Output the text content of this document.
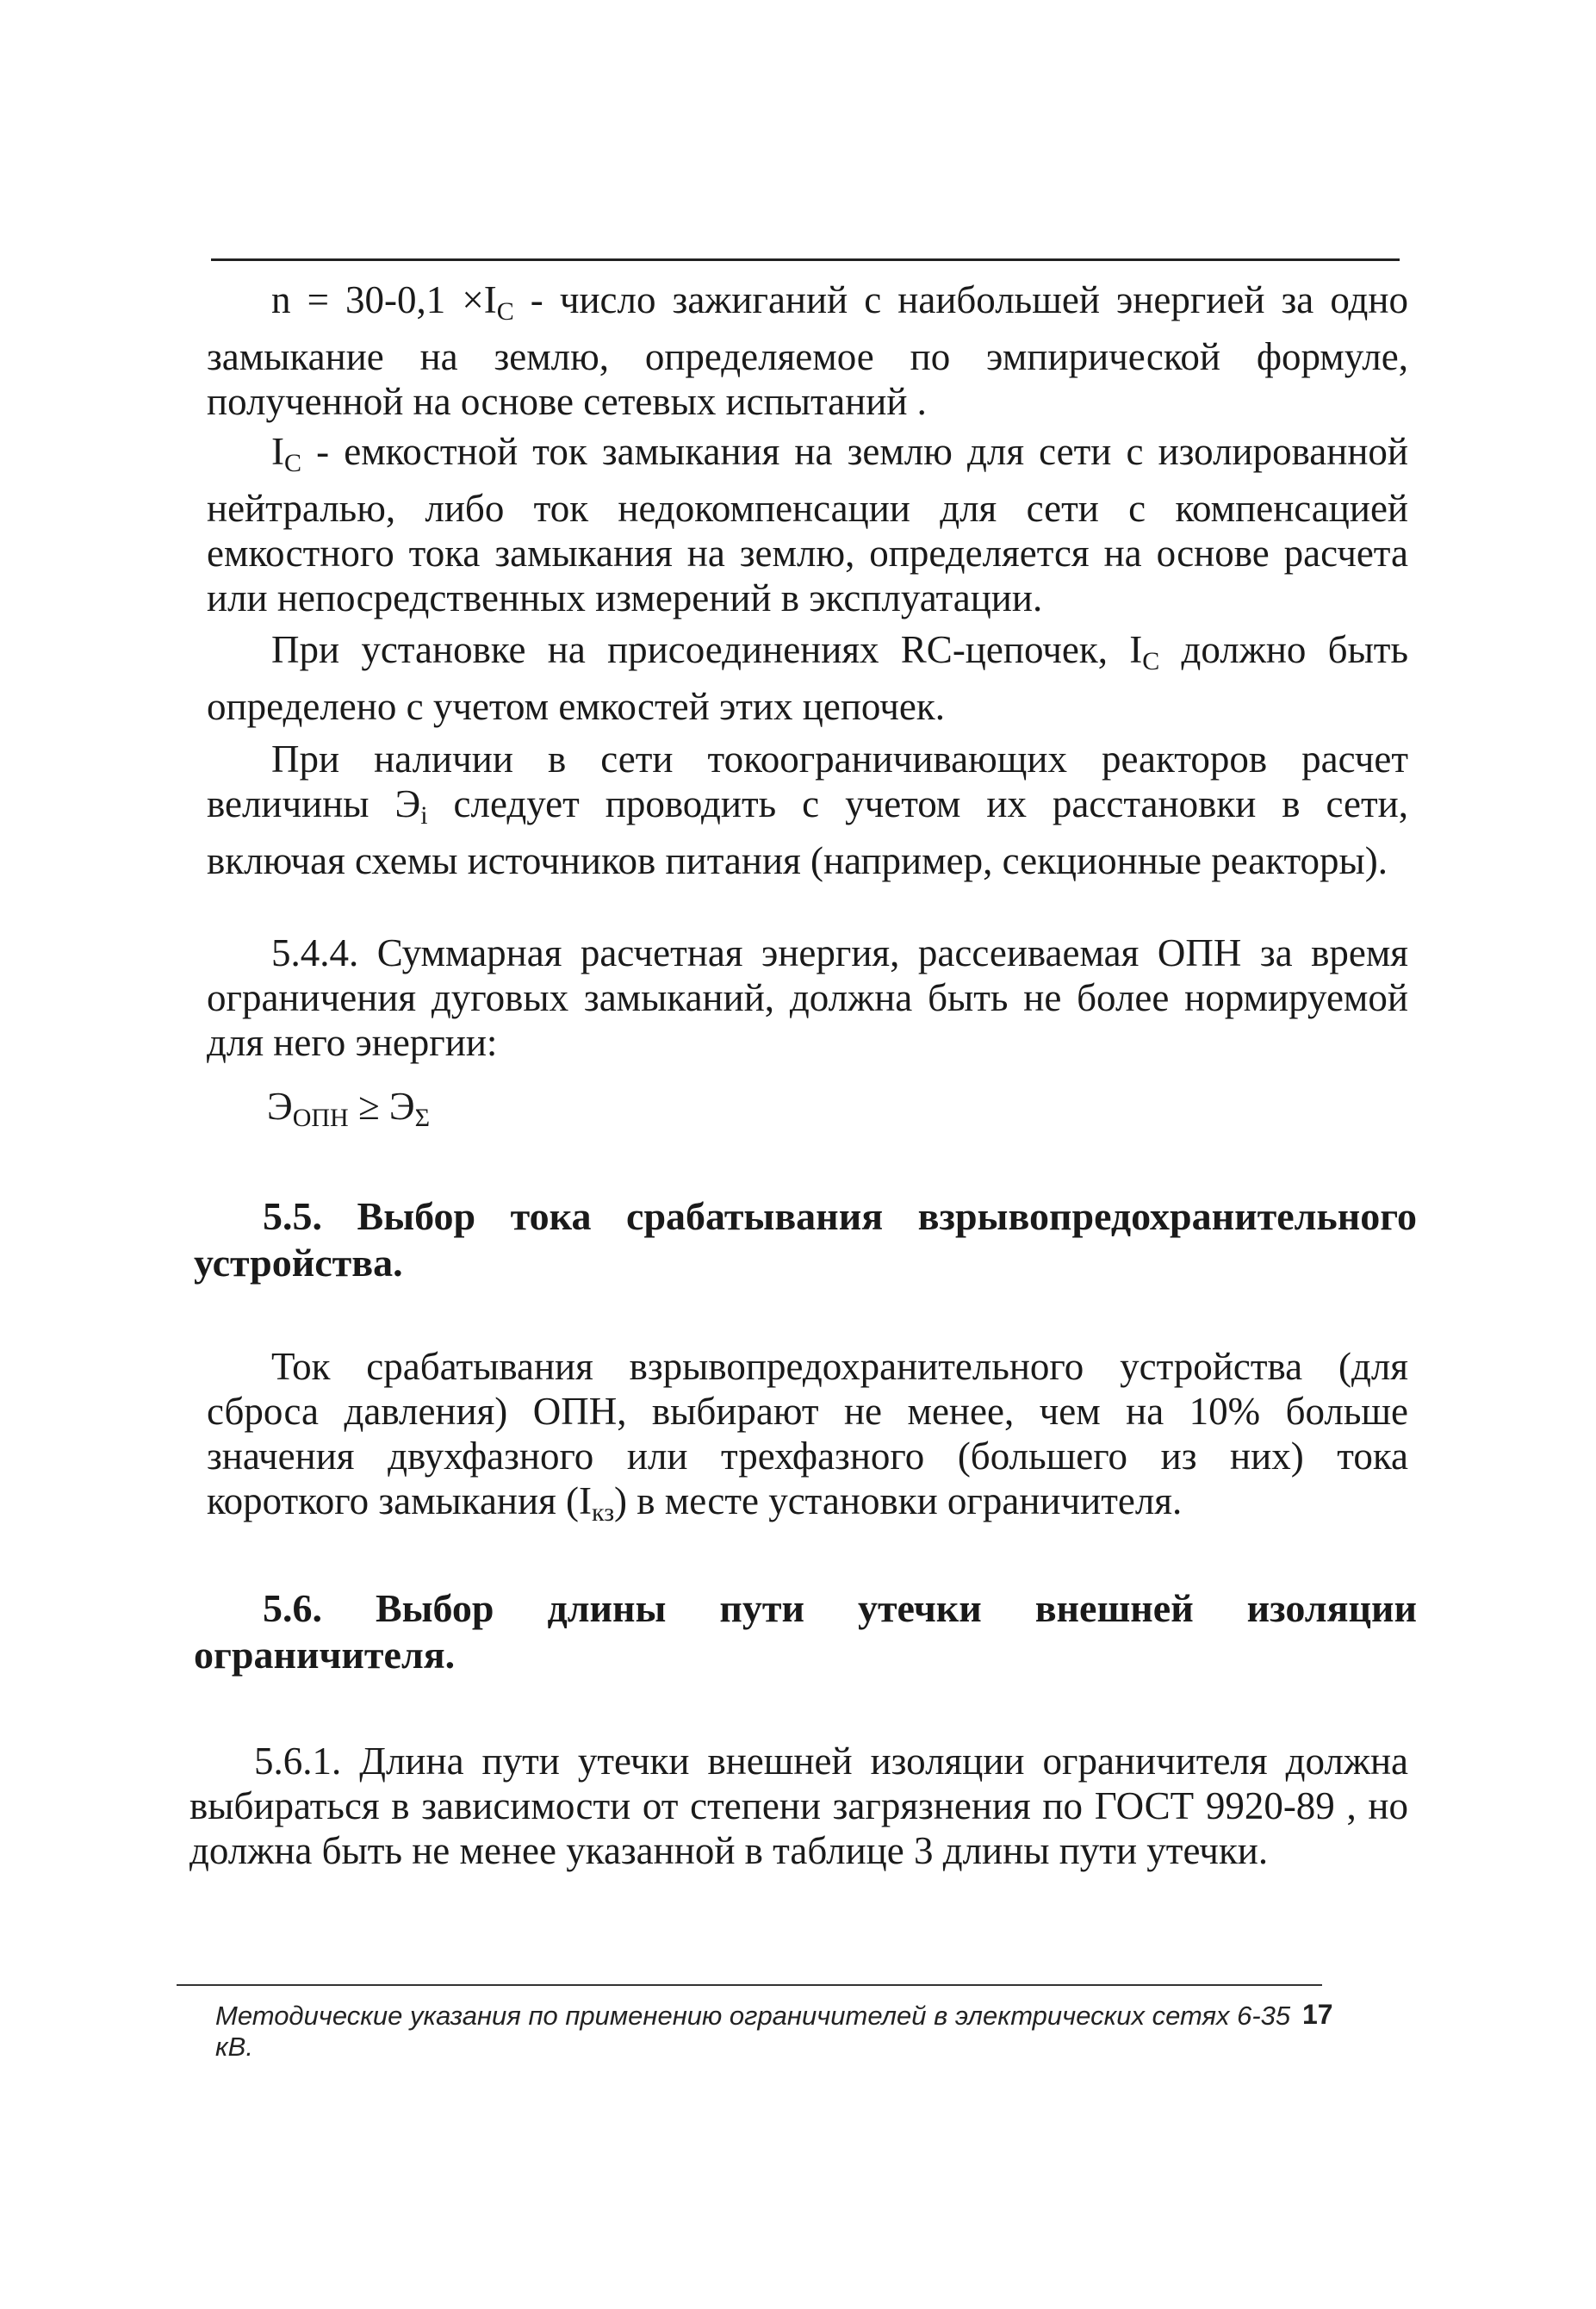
$n = 30-0,1 \times I_C$ - число зажиганий с наибольшей энергией за одно замыкание на землю, определяемое по эмпирической формуле, полученной на основе сетевых испытаний .

$I_C$ - емкостной ток замыкания на землю для сети с изолированной нейтралью, либо ток недокомпенсации для сети с компенсацией емкостного тока замыкания на землю, определяется на основе расчета или непосредственных измерений в эксплуатации.

При установке на присоединениях RC-цепочек, $I_C$ должно быть определено с учетом емкостей этих цепочек.

При наличии в сети токоограничивающих реакторов расчет величины $Э_i$ следует проводить с учетом их расстановки в сети, включая схемы источников питания (например, секционные реакторы).

5.4.4. Суммарная расчетная энергия, рассеиваемая ОПН за время ограничения дуговых замыканий, должна быть не более нормируемой для него энергии:

$Э_{ОПН} \ge Э_\Sigma$
5.5. Выбор тока срабатывания взрывопредохранительного устройства.

Ток срабатывания взрывопредохранительного устройства (для сброса давления) ОПН, выбирают не менее, чем на 10% больше значения двухфазного или трехфазного (большего из них) тока короткого замыкания $(I_{кз})$ в месте установки ограничителя.

5.6. Выбор длины пути утечки внешней изоляции ограничителя.

5.6.1. Длина пути утечки внешней изоляции ограничителя должна выбираться в зависимости от степени загрязнения по ГОСТ 9920-89 , но должна быть не менее указанной в таблице 3 длины пути утечки.

Методические указания по применению ограничителей в электрических сетях 6-35 кВ.
17
